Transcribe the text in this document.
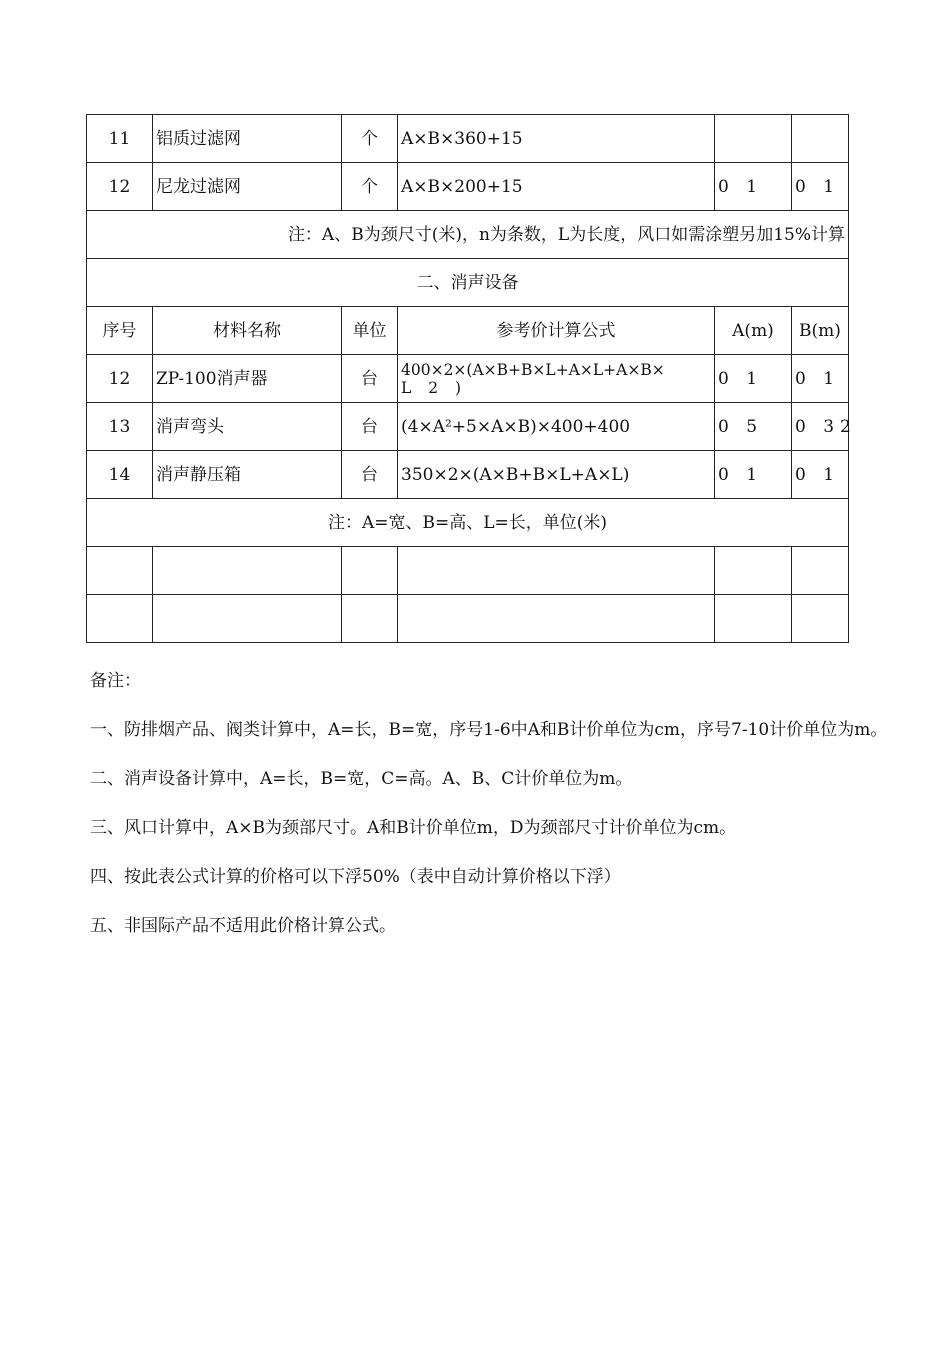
11	铝质过滤网	个	A×B×360+15		
12	尼龙过滤网	个	A×B×200+15	0 1	0 1
注：A、B为颈尺寸(米)，n为条数，L为长度，风口如需涂塑另加15%计算					
二、消声设备					
序号	材料名称	单位	参考价计算公式	A(m)	B(m)
12	ZP-100消声器	台	400×2×(A×B+B×L+A×L+A×B×
L 2 )	0 1	0 1
13	消声弯头	台	(4×A²+5×A×B)×400+400	0 5	0 32
14	消声静压箱	台	350×2×(A×B+B×L+A×L)	0 1	0 1
注：A=宽、B=高、L=长，单位(米)					

备注：

一、防排烟产品、阀类计算中，A=长，B=宽，序号1-6中A和B计价单位为cm，序号7-10计价单位为m。

二、消声设备计算中，A=长，B=宽，C=高。A、B、C计价单位为m。

三、风口计算中，A×B为颈部尺寸。A和B计价单位m，D为颈部尺寸计价单位为cm。

四、按此表公式计算的价格可以下浮50%（表中自动计算价格以下浮）

五、非国际产品不适用此价格计算公式。
